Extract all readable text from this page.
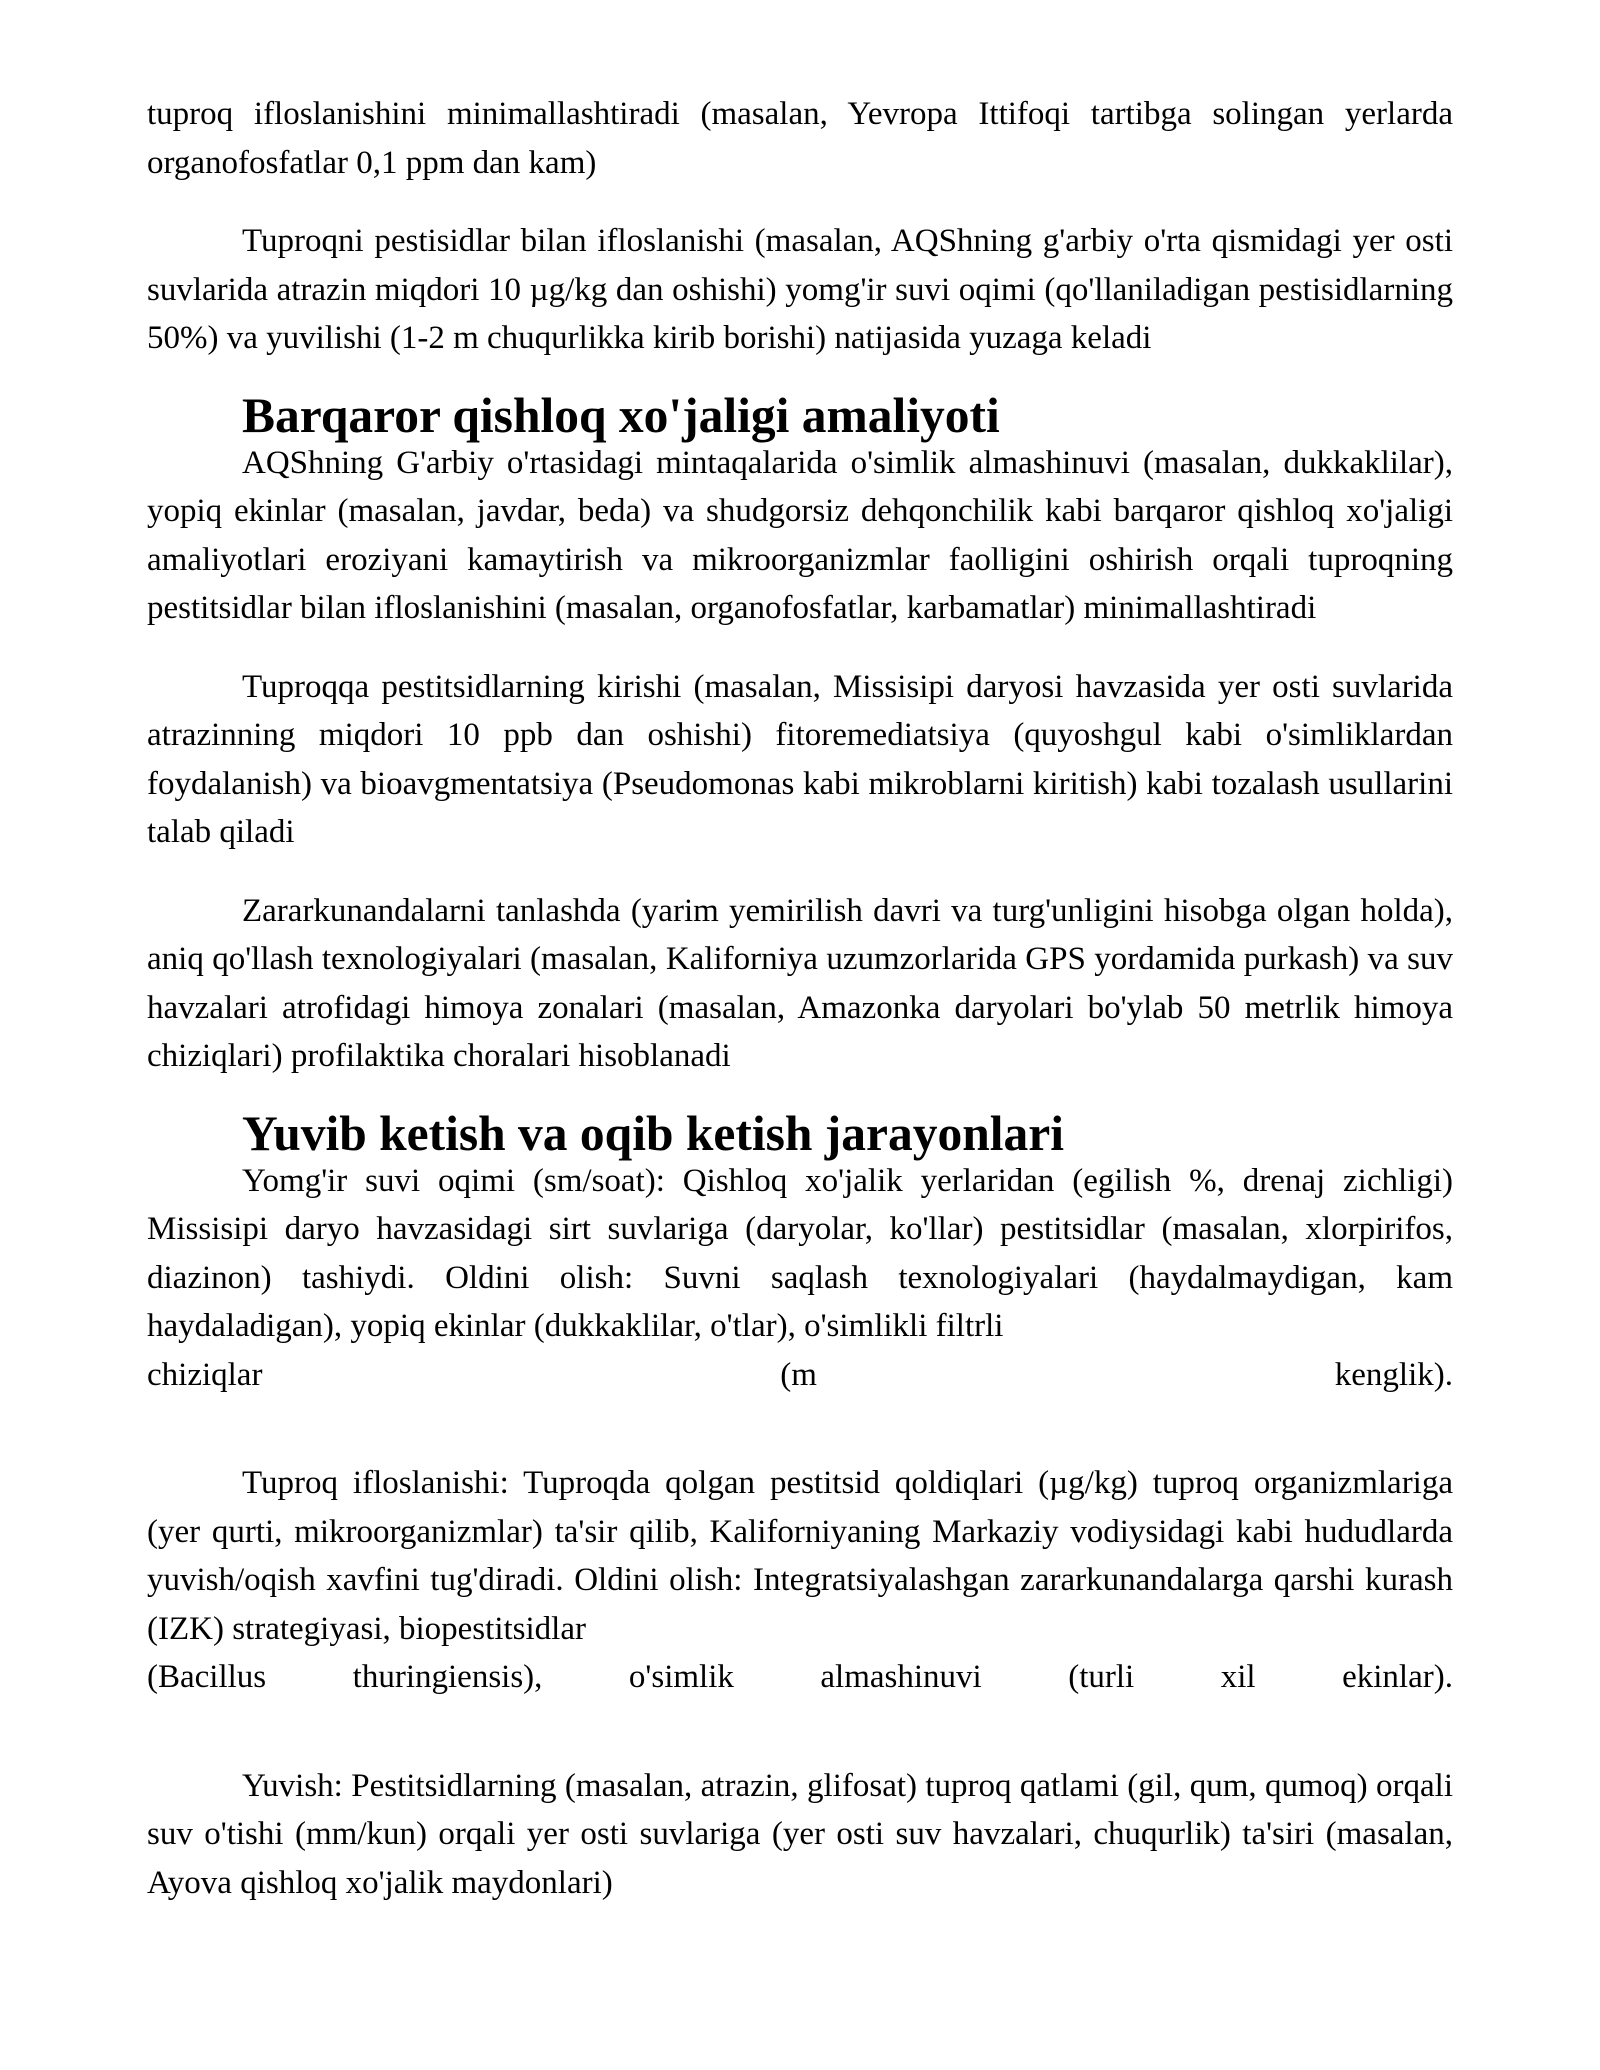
tuproq ifloslanishini minimallashtiradi (masalan, Yevropa Ittifoqi tartibga solingan yerlarda organofosfatlar 0,1 ppm dan kam)

Tuproqni pestisidlar bilan ifloslanishi (masalan, AQShning g'arbiy o'rta qismidagi yer osti suvlarida atrazin miqdori 10 µg/kg dan oshishi) yomg'ir suvi oqimi (qo'llaniladigan pestisidlarning 50%) va yuvilishi (1-2 m chuqurlikka kirib borishi) natijasida yuzaga keladi

Barqaror qishloq xo'jaligi amaliyoti

AQShning G'arbiy o'rtasidagi mintaqalarida o'simlik almashinuvi (masalan, dukkaklilar), yopiq ekinlar (masalan, javdar, beda) va shudgorsiz dehqonchilik kabi barqaror qishloq xo'jaligi amaliyotlari eroziyani kamaytirish va mikroorganizmlar faolligini oshirish orqali tuproqning pestitsidlar bilan ifloslanishini (masalan, organofosfatlar, karbamatlar) minimallashtiradi

Tuproqqa pestitsidlarning kirishi (masalan, Missisipi daryosi havzasida yer osti suvlarida atrazinning miqdori 10 ppb dan oshishi) fitoremediatsiya (quyoshgul kabi o'simliklardan foydalanish) va bioavgmentatsiya (Pseudomonas kabi mikroblarni kiritish) kabi tozalash usullarini talab qiladi

Zararkunandalarni tanlashda (yarim yemirilish davri va turg'unligini hisobga olgan holda), aniq qo'llash texnologiyalari (masalan, Kaliforniya uzumzorlarida GPS yordamida purkash) va suv havzalari atrofidagi himoya zonalari (masalan, Amazonka daryolari bo'ylab 50 metrlik himoya chiziqlari) profilaktika choralari hisoblanadi

Yuvib ketish va oqib ketish jarayonlari

Yomg'ir suvi oqimi (sm/soat): Qishloq xo'jalik yerlaridan (egilish %, drenaj zichligi) Missisipi daryo havzasidagi sirt suvlariga (daryolar, ko'llar) pestitsidlar (masalan, xlorpirifos, diazinon) tashiydi. Oldini olish: Suvni saqlash texnologiyalari (haydalmaydigan, kam haydaladigan), yopiq ekinlar (dukkaklilar, o'tlar), o'simlikli filtrli

chiziqlar	(m	kenglik).

Tuproq ifloslanishi: Tuproqda qolgan pestitsid qoldiqlari (µg/kg) tuproq organizmlariga (yer qurti, mikroorganizmlar) ta'sir qilib, Kaliforniyaning Markaziy vodiysidagi kabi hududlarda yuvish/oqish xavfini tug'diradi. Oldini olish: Integratsiyalashgan zararkunandalarga qarshi kurash (IZK) strategiyasi, biopestitsidlar

(Bacillus	thuringiensis),	o'simlik	almashinuvi	(turli	xil	ekinlar).

Yuvish: Pestitsidlarning (masalan, atrazin, glifosat) tuproq qatlami (gil, qum, qumoq) orqali suv o'tishi (mm/kun) orqali yer osti suvlariga (yer osti suv havzalari, chuqurlik) ta'siri (masalan, Ayova qishloq xo'jalik maydonlari)
